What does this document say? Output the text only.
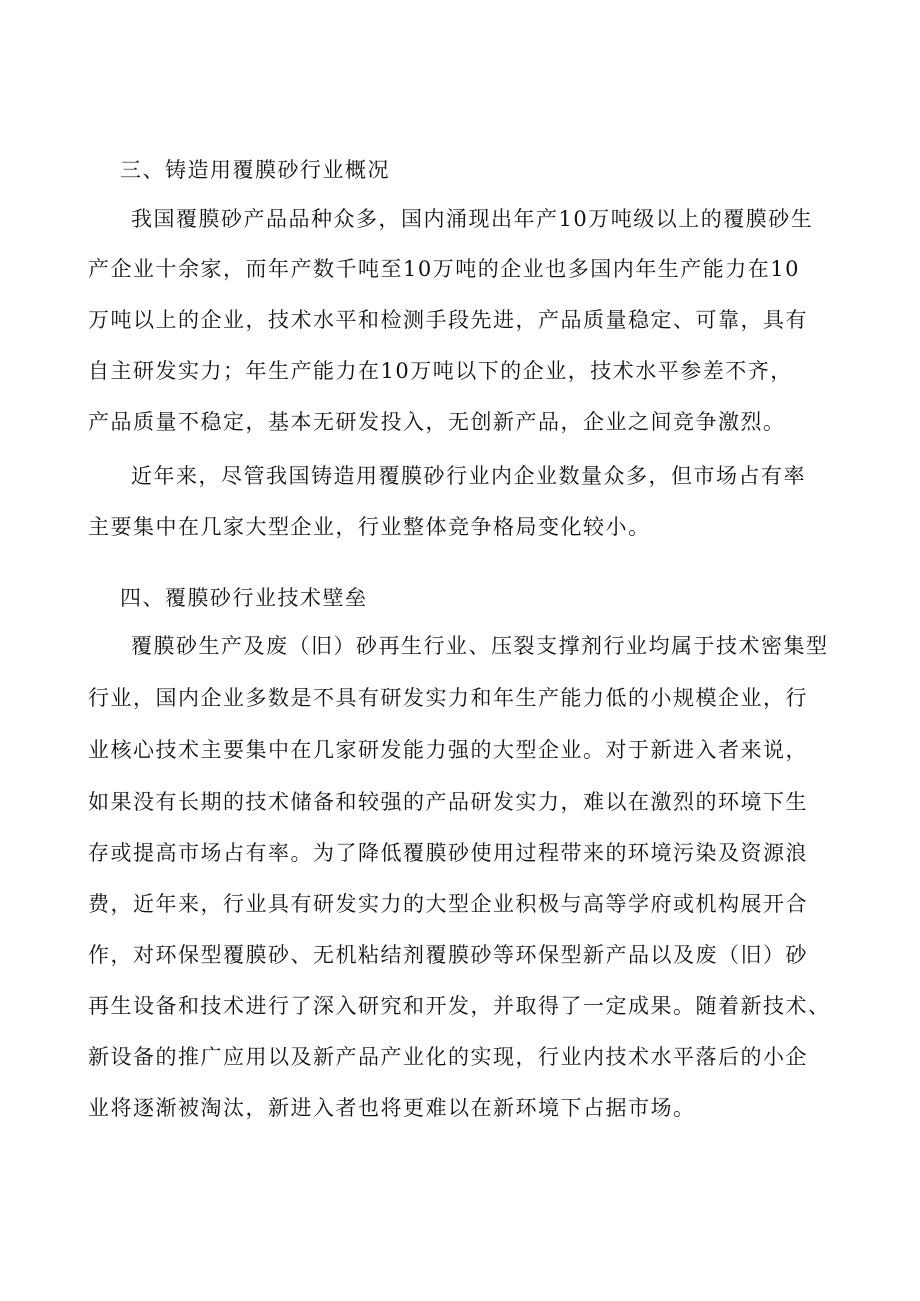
三、铸造用覆膜砂行业概况
我国覆膜砂产品品种众多，国内涌现出年产10万吨级以上的覆膜砂生
产企业十余家，而年产数千吨至10万吨的企业也多国内年生产能力在10
万吨以上的企业，技术水平和检测手段先进，产品质量稳定、可靠，具有
自主研发实力；年生产能力在10万吨以下的企业，技术水平参差不齐，
产品质量不稳定，基本无研发投入，无创新产品，企业之间竞争激烈。
近年来，尽管我国铸造用覆膜砂行业内企业数量众多，但市场占有率
主要集中在几家大型企业，行业整体竞争格局变化较小。
四、覆膜砂行业技术壁垒
覆膜砂生产及废（旧）砂再生行业、压裂支撑剂行业均属于技术密集型
行业，国内企业多数是不具有研发实力和年生产能力低的小规模企业，行
业核心技术主要集中在几家研发能力强的大型企业。对于新进入者来说，
如果没有长期的技术储备和较强的产品研发实力，难以在激烈的环境下生
存或提高市场占有率。为了降低覆膜砂使用过程带来的环境污染及资源浪
费，近年来，行业具有研发实力的大型企业积极与高等学府或机构展开合
作，对环保型覆膜砂、无机粘结剂覆膜砂等环保型新产品以及废（旧）砂
再生设备和技术进行了深入研究和开发，并取得了一定成果。随着新技术、
新设备的推广应用以及新产品产业化的实现，行业内技术水平落后的小企
业将逐渐被淘汰，新进入者也将更难以在新环境下占据市场。
